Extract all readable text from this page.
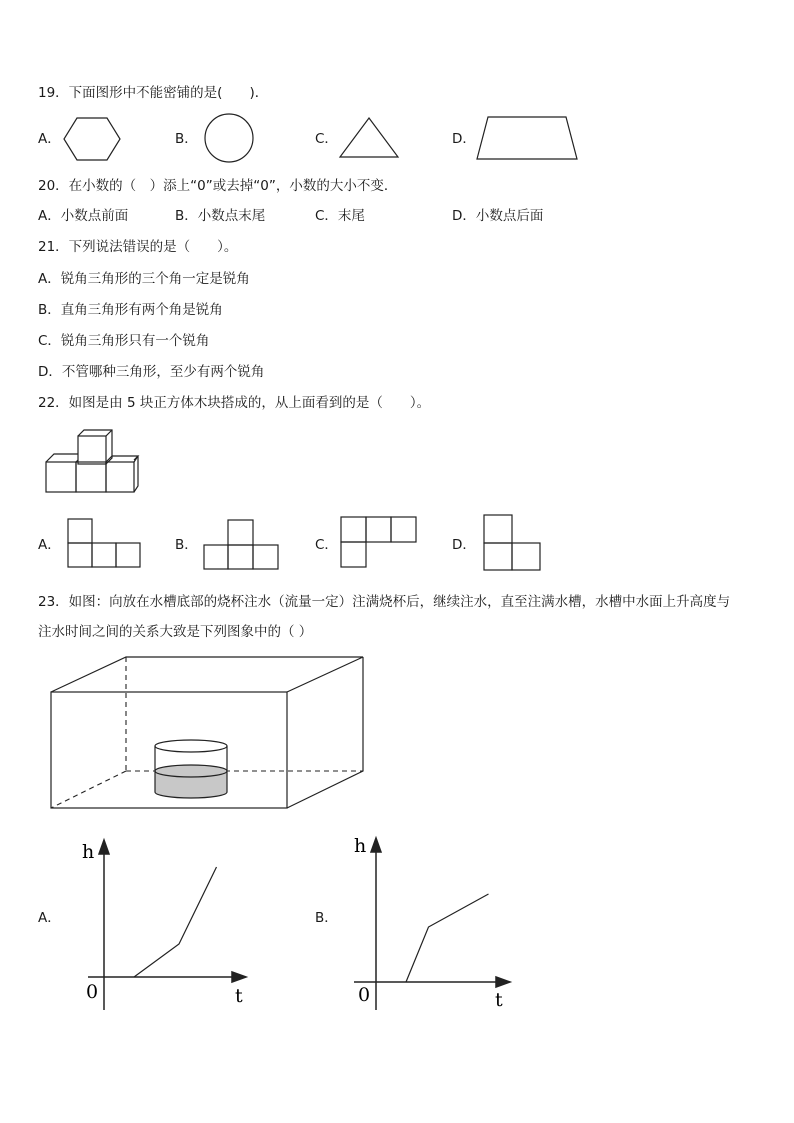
19．下面图形中不能密铺的是(　　)．
A．	B．	C．	D．
20．在小数的（　）添上“0”或去掉“0”，小数的大小不变．
A．小数点前面	B．小数点末尾	C．末尾	D．小数点后面
21．下列说法错误的是（　　）。
A．锐角三角形的三个角一定是锐角
B．直角三角形有两个角是锐角
C．锐角三角形只有一个锐角
D．不管哪种三角形，至少有两个锐角
22．如图是由 5 块正方体木块搭成的，从上面看到的是（　　）。
A．	B．	C．	D．
23．如图：向放在水槽底部的烧杯注水（流量一定）注满烧杯后，继续注水，直至注满水槽，水槽中水面上升高度与
注水时间之间的关系大致是下列图象中的（ ）
A．
h
t
0
B．
h
t
0
